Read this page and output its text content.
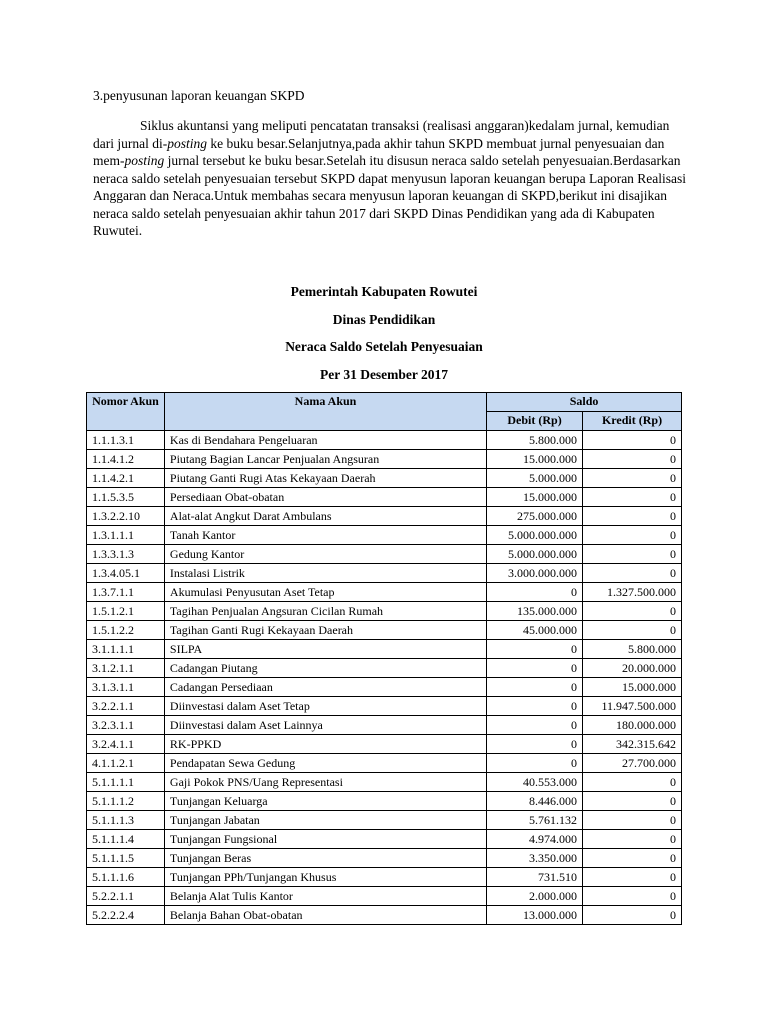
3.penyusunan laporan keuangan SKPD
Siklus akuntansi yang meliputi pencatatan transaksi (realisasi anggaran)kedalam jurnal, kemudian dari jurnal di-posting ke buku besar.Selanjutnya,pada akhir tahun SKPD membuat jurnal penyesuaian dan mem-posting jurnal tersebut ke buku besar.Setelah itu disusun neraca saldo setelah penyesuaian.Berdasarkan neraca saldo setelah penyesuaian tersebut SKPD dapat menyusun laporan keuangan berupa Laporan Realisasi Anggaran dan Neraca.Untuk membahas secara menyusun laporan keuangan di SKPD,berikut ini disajikan neraca saldo setelah penyesuaian akhir tahun 2017 dari SKPD Dinas Pendidikan yang ada di Kabupaten Ruwutei.
Pemerintah Kabupaten Rowutei
Dinas Pendidikan
Neraca Saldo Setelah Penyesuaian
Per 31 Desember 2017
Nomor Akun	Nama Akun	Saldo	
		Debit (Rp)	Kredit (Rp)
1.1.1.3.1	Kas di Bendahara Pengeluaran	5.800.000	0
1.1.4.1.2	Piutang Bagian Lancar Penjualan Angsuran	15.000.000	0
1.1.4.2.1	Piutang Ganti Rugi Atas Kekayaan Daerah	5.000.000	0
1.1.5.3.5	Persediaan Obat-obatan	15.000.000	0
1.3.2.2.10	Alat-alat Angkut Darat Ambulans	275.000.000	0
1.3.1.1.1	Tanah Kantor	5.000.000.000	0
1.3.3.1.3	Gedung Kantor	5.000.000.000	0
1.3.4.05.1	Instalasi Listrik	3.000.000.000	0
1.3.7.1.1	Akumulasi Penyusutan Aset Tetap	0	1.327.500.000
1.5.1.2.1	Tagihan Penjualan Angsuran Cicilan Rumah	135.000.000	0
1.5.1.2.2	Tagihan Ganti Rugi Kekayaan Daerah	45.000.000	0
3.1.1.1.1	SILPA	0	5.800.000
3.1.2.1.1	Cadangan Piutang	0	20.000.000
3.1.3.1.1	Cadangan Persediaan	0	15.000.000
3.2.2.1.1	Diinvestasi dalam Aset Tetap	0	11.947.500.000
3.2.3.1.1	Diinvestasi dalam Aset Lainnya	0	180.000.000
3.2.4.1.1	RK-PPKD	0	342.315.642
4.1.1.2.1	Pendapatan Sewa Gedung	0	27.700.000
5.1.1.1.1	Gaji Pokok PNS/Uang Representasi	40.553.000	0
5.1.1.1.2	Tunjangan Keluarga	8.446.000	0
5.1.1.1.3	Tunjangan Jabatan	5.761.132	0
5.1.1.1.4	Tunjangan Fungsional	4.974.000	0
5.1.1.1.5	Tunjangan Beras	3.350.000	0
5.1.1.1.6	Tunjangan PPh/Tunjangan Khusus	731.510	0
5.2.2.1.1	Belanja Alat Tulis Kantor	2.000.000	0
5.2.2.2.4	Belanja Bahan Obat-obatan	13.000.000	0
